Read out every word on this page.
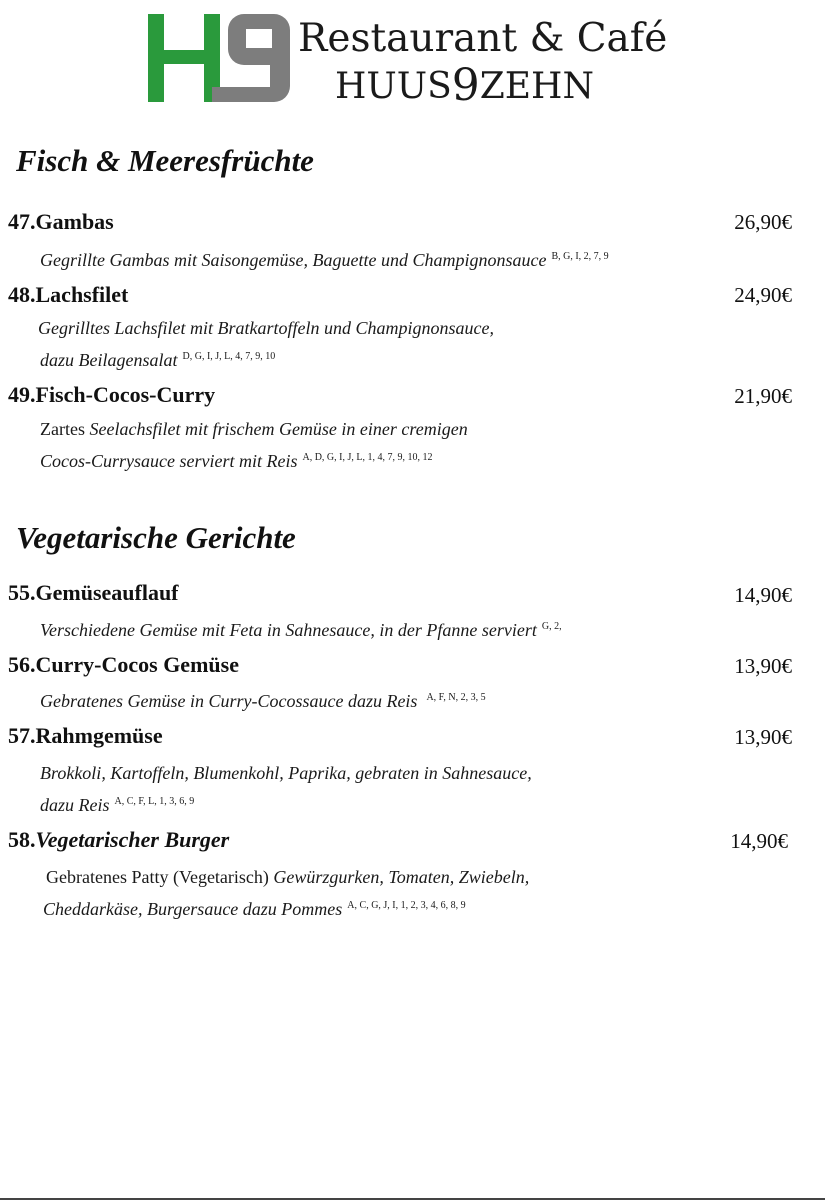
Restaurant & Café
HUUS9ZEHN
Fisch & Meeresfrüchte
47.Gambas	26,90€
Gegrillte Gambas mit Saisongemüse, Baguette und Champignonsauce $^{B, G, I, 2, 7, 9}$
48.Lachsfilet	24,90€
Gegrilltes Lachsfilet mit Bratkartoffeln und Champignonsauce,
dazu Beilagensalat $^{D, G, I, J, L, 4, 7, 9, 10}$
49.Fisch-Cocos-Curry	21,90€
Zartes Seelachsfilet mit frischem Gemüse in einer cremigen
Cocos-Currysauce serviert mit Reis $^{A, D, G, I, J, L, 1, 4, 7, 9, 10, 12}$
Vegetarische Gerichte
55.Gemüseauflauf	14,90€
Verschiedene Gemüse mit Feta in Sahnesauce, in der Pfanne serviert $^{G, 2,}$
56.Curry-Cocos Gemüse	13,90€
Gebratenes Gemüse in Curry-Cocossauce dazu Reis $^{A, F, N, 2, 3, 5}$
57.Rahmgemüse	13,90€
Brokkoli, Kartoffeln, Blumenkohl, Paprika, gebraten in Sahnesauce,
dazu Reis $^{A, C, F, L, 1, 3, 6, 9}$
58.Vegetarischer Burger	14,90€
Gebratenes Patty (Vegetarisch) Gewürzgurken, Tomaten, Zwiebeln,
Cheddarkäse, Burgersauce dazu Pommes $^{A, C, G, J, I, 1, 2, 3, 4, 6, 8, 9}$
